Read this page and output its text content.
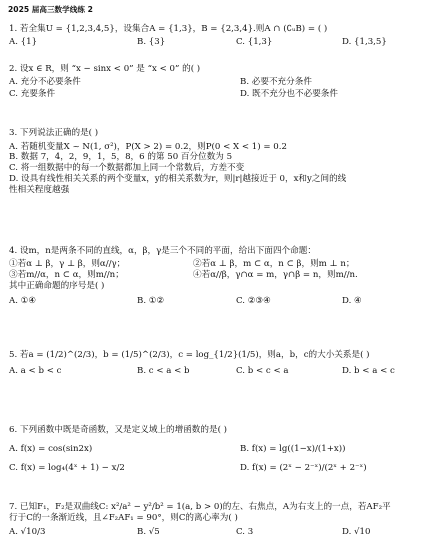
2025 届高三数学线练 2
1. 若全集U = {1,2,3,4,5}，设集合A = {1,3}，B = {2,3,4}.则A ∩ (∁ᵤB) = ( )
A. {1}	B. {3}	C. {1,3}	D. {1,3,5}
2. 设x ∈ R，则 “x − sinx < 0” 是 “x < 0” 的( )
A. 充分不必要条件	B. 必要不充分条件
C. 充要条件	D. 既不充分也不必要条件
3. 下列说法正确的是( )
A. 若随机变量X ~ N(1, σ²)，P(X > 2) = 0.2，则P(0 < X < 1) = 0.2
B. 数据 7，4，2，9，1，5，8，6 的第 50 百分位数为 5
C. 将一组数据中的每一个数据都加上同一个常数后，方差不变
D. 设具有线性相关关系的两个变量x，y的相关系数为r，则|r|越接近于 0，x和y之间的线
性相关程度越强
4. 设m，n是两条不同的直线，α，β，γ是三个不同的平面，给出下面四个命题：
①若α ⊥ β，γ ⊥ β，则α//γ；	②若α ⊥ β，m ⊂ α，n ⊂ β，则m ⊥ n；
③若m//α，n ⊂ α，则m//n；	④若α//β，γ∩α = m，γ∩β = n，则m//n.
其中正确命题的序号是( )
A. ①④	B. ①②	C. ②③④	D. ④
5. 若a = (1/2)^(2/3)，b = (1/5)^(2/3)，c = log_{1/2}(1/5)，则a，b，c的大小关系是( )
A. a < b < c	B. c < a < b	C. b < c < a	D. b < a < c
6. 下列函数中既是奇函数，又是定义域上的增函数的是( )
A. f(x) = cos(sin2x)	B. f(x) = lg((1−x)/(1+x))
C. f(x) = log₄(4ˣ + 1) − x/2	D. f(x) = (2ˣ − 2⁻ˣ)/(2ˣ + 2⁻ˣ)
7. 已知F₁，F₂是双曲线C: x²/a² − y²/b² = 1(a, b > 0)的左、右焦点，A为右支上的一点，若AF₂平
行于C的一条渐近线，且∠F₂AF₁ = 90°，则C的离心率为( )
A. √10/3	B. √5	C. 3	D. √10
